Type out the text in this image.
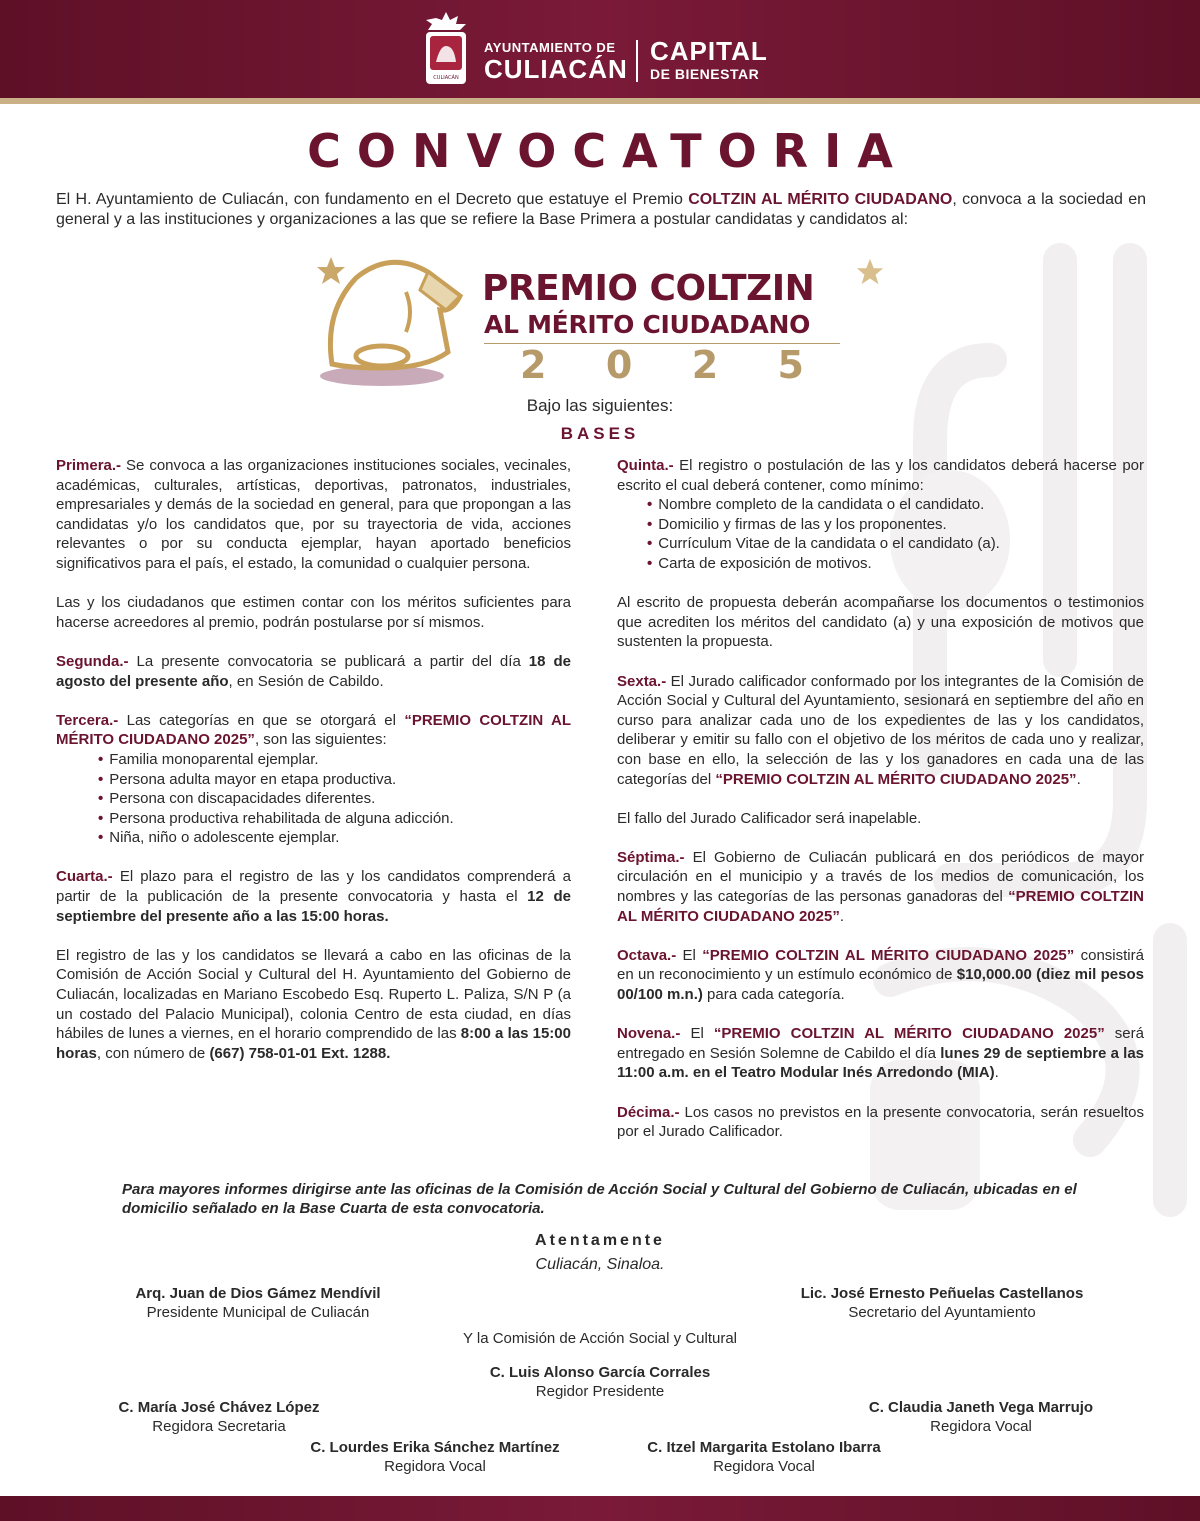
CULIACÁN
AYUNTAMIENTO DE
CULIACÁN
CAPITAL
DE BIENESTAR
CONVOCATORIA
El H. Ayuntamiento de Culiacán, con fundamento en el Decreto que estatuye el Premio COLTZIN AL MÉRITO CIUDADANO, convoca a la sociedad en general y a las instituciones y organizaciones a las que se refiere la Base Primera a postular candidatas y candidatos al:
PREMIO COLTZIN
AL MÉRITO CIUDADANO
2 0 2 5
Bajo las siguientes:
BASES

Primera.- Se convoca a las organizaciones instituciones sociales, vecinales, académicas, culturales, artísticas, deportivas, patronatos, industriales, empresariales y demás de la sociedad en general, para que propongan a las candidatas y/o los candidatos que, por su trayectoria de vida, acciones relevantes o por su conducta ejemplar, hayan aportado beneficios significativos para el país, el estado, la comunidad o cualquier persona.

Las y los ciudadanos que estimen contar con los méritos suficientes para hacerse acreedores al premio, podrán postularse por sí mismos.

Segunda.- La presente convocatoria se publicará a partir del día 18 de agosto del presente año, en Sesión de Cabildo.

Tercera.- Las categorías en que se otorgará el “PREMIO COLTZIN AL MÉRITO CIUDADANO 2025”, son las siguientes:

• Familia monoparental ejemplar.
• Persona adulta mayor en etapa productiva.
• Persona con discapacidades diferentes.
• Persona productiva rehabilitada de alguna adicción.
• Niña, niño o adolescente ejemplar.

Cuarta.- El plazo para el registro de las y los candidatos comprenderá a partir de la publicación de la presente convocatoria y hasta el 12 de septiembre del presente año a las 15:00 horas.

El registro de las y los candidatos se llevará a cabo en las oficinas de la Comisión de Acción Social y Cultural del H. Ayuntamiento del Gobierno de Culiacán, localizadas en Mariano Escobedo Esq. Ruperto L. Paliza, S/N P (a un costado del Palacio Municipal), colonia Centro de esta ciudad, en días hábiles de lunes a viernes, en el horario comprendido de las 8:00 a las 15:00 horas, con número de (667) 758-01-01 Ext. 1288.

Quinta.- El registro o postulación de las y los candidatos deberá hacerse por escrito el cual deberá contener, como mínimo:

• Nombre completo de la candidata o el candidato.
• Domicilio y firmas de las y los proponentes.
• Currículum Vitae de la candidata o el candidato (a).
• Carta de exposición de motivos.

Al escrito de propuesta deberán acompañarse los documentos o testimonios que acrediten los méritos del candidato (a) y una exposición de motivos que sustenten la propuesta.

Sexta.- El Jurado calificador conformado por los integrantes de la Comisión de Acción Social y Cultural del Ayuntamiento, sesionará en septiembre del año en curso para analizar cada uno de los expedientes de las y los candidatos, deliberar y emitir su fallo con el objetivo de los méritos de cada uno y realizar, con base en ello, la selección de las y los ganadores en cada una de las categorías del “PREMIO COLTZIN AL MÉRITO CIUDADANO 2025”.

El fallo del Jurado Calificador será inapelable.

Séptima.- El Gobierno de Culiacán publicará en dos periódicos de mayor circulación en el municipio y a través de los medios de comunicación, los nombres y las categorías de las personas ganadoras del “PREMIO COLTZIN AL MÉRITO CIUDADANO 2025”.

Octava.- El “PREMIO COLTZIN AL MÉRITO CIUDADANO 2025” consistirá en un reconocimiento y un estímulo económico de $10,000.00 (diez mil pesos 00/100 m.n.) para cada categoría.

Novena.- El “PREMIO COLTZIN AL MÉRITO CIUDADANO 2025” será entregado en Sesión Solemne de Cabildo el día lunes 29 de septiembre a las 11:00 a.m. en el Teatro Modular Inés Arredondo (MIA).

Décima.- Los casos no previstos en la presente convocatoria, serán resueltos por el Jurado Calificador.

Para mayores informes dirigirse ante las oficinas de la Comisión de Acción Social y Cultural del Gobierno de Culiacán, ubicadas en el domicilio señalado en la Base Cuarta de esta convocatoria.
Atentamente
Culiacán, Sinaloa.
Arq. Juan de Dios Gámez Mendívil
Presidente Municipal de Culiacán
Lic. José Ernesto Peñuelas Castellanos
Secretario del Ayuntamiento
Y la Comisión de Acción Social y Cultural
C. Luis Alonso García Corrales
Regidor Presidente
C. María José Chávez López
Regidora Secretaria
C. Claudia Janeth Vega Marrujo
Regidora Vocal
C. Lourdes Erika Sánchez Martínez
Regidora Vocal
C. Itzel Margarita Estolano Ibarra
Regidora Vocal
